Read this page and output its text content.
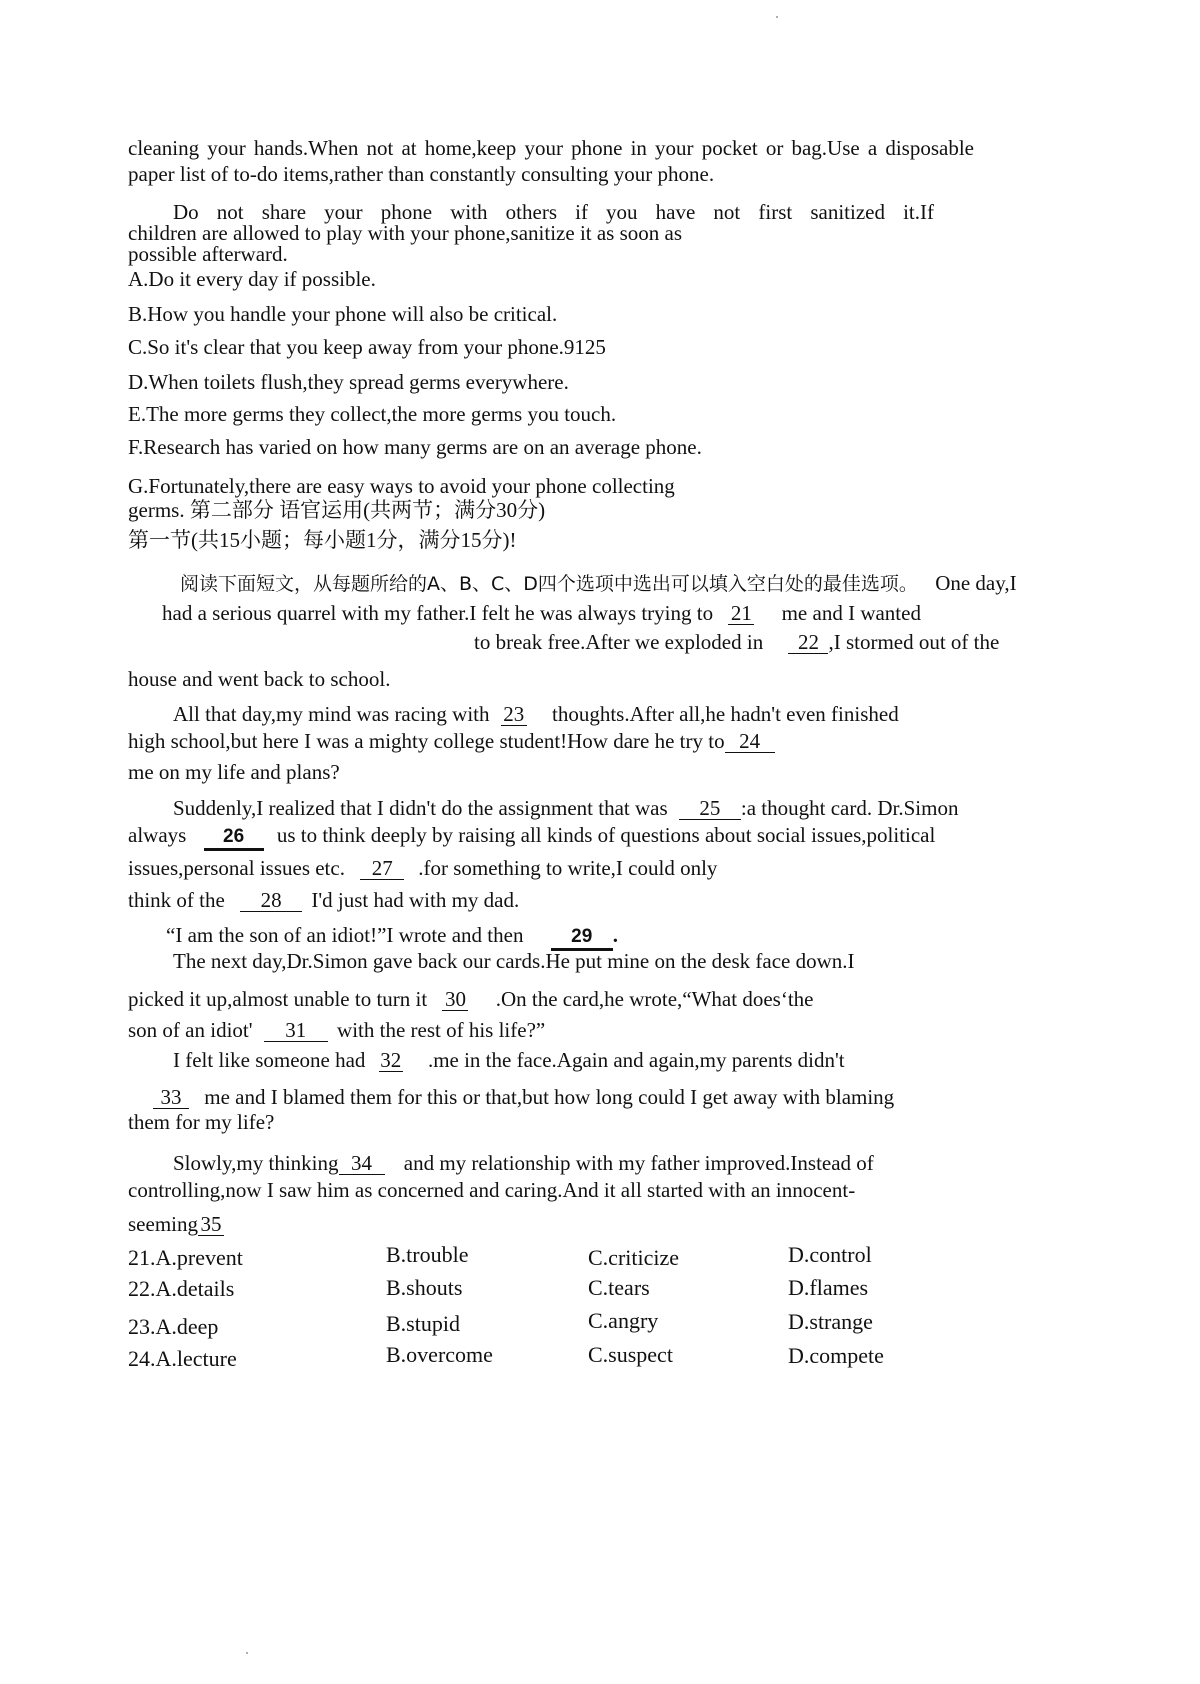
cleaning your hands.When not at home,keep your phone in your pocket or bag.Use a disposable
paper list of to-do items,rather than constantly consulting your phone.
Do not share your phone with others if you have not first sanitized it.If
children are allowed to play with your phone,sanitize it as soon as
possible afterward.
A.Do it every day if possible.
B.How you handle your phone will also be critical.
C.So it's clear that you keep away from your phone.9125
D.When toilets flush,they spread germs everywhere.
E.The more germs they collect,the more germs you touch.
F.Research has varied on how many germs are on an average phone.
G.Fortunately,there are easy ways to avoid your phone collecting
germs. 第二部分 语官运用(共两节；满分30分)
第一节(共15小题；每小题1分，满分15分)!
阅读下面短文，从每题所给的A、B、C、D四个选项中选出可以填入空白处的最佳选项。 One day,I
had a serious quarrel with my father.I felt he was always trying to 21 me and I wanted
to break free.After we exploded in 22 ,I stormed out of the
house and went back to school.
All that day,my mind was racing with 23 thoughts.After all,he hadn't even finished
high school,but here I was a mighty college student!How dare he try to 24
me on my life and plans?
Suddenly,I realized that I didn't do the assignment that was 25 :a thought card. Dr.Simon
always 26 us to think deeply by raising all kinds of questions about social issues,political
issues,personal issues etc. 27 .for something to write,I could only
think of the 28 I'd just had with my dad.
“I am the son of an idiot!”I wrote and then	29 .
The next day,Dr.Simon gave back our cards.He put mine on the desk face down.I
picked it up,almost unable to turn it 30 .On the card,he wrote,“What does‘the
son of an idiot' 31 with the rest of his life?”
I felt like someone had 32 .me in the face.Again and again,my parents didn't
33 me and I blamed them for this or that,but how long could I get away with blaming
them for my life?
Slowly,my thinking 34 and my relationship with my father improved.Instead of
controlling,now I saw him as concerned and caring.And it all started with an innocent-
seeming 35
21.A.prevent	B.trouble	C.criticize	D.control
22.A.details	B.shouts	C.tears	D.flames
23.A.deep	B.stupid	C.angry	D.strange
24.A.lecture	B.overcome	C.suspect	D.compete
